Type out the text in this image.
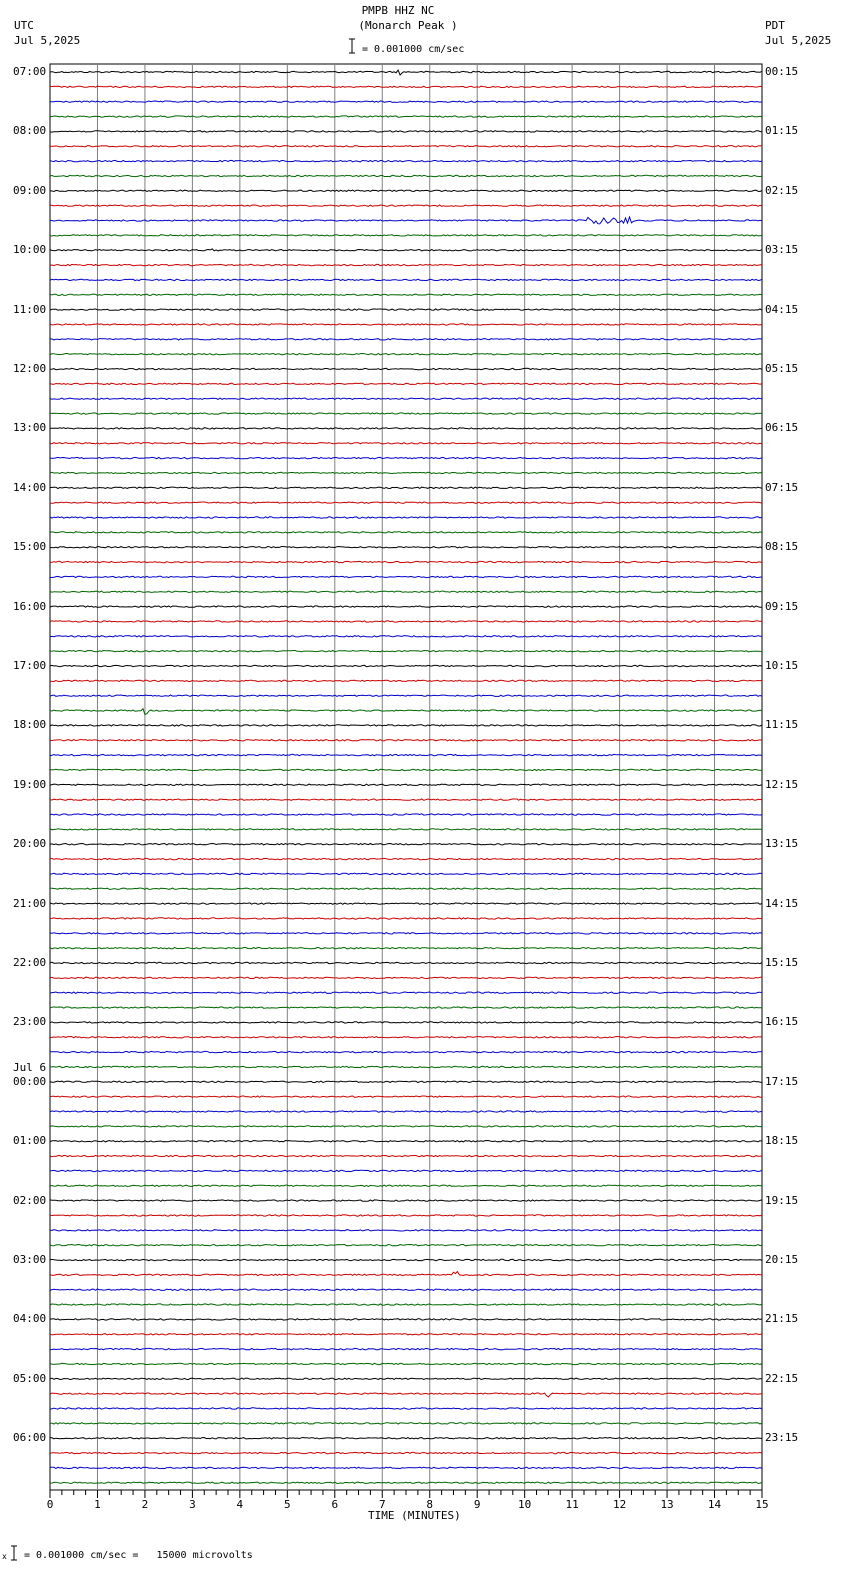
PMPB HHZ NC
(Monarch Peak )
= 0.001000 cm/sec
UTC
Jul 5,2025
PDT
Jul 5,2025
07:00
08:00
09:00
10:00
11:00
12:00
13:00
14:00
15:00
16:00
17:00
18:00
19:00
20:00
21:00
22:00
23:00
00:00
Jul 6
01:00
02:00
03:00
04:00
05:00
06:00
00:15
01:15
02:15
03:15
04:15
05:15
06:15
07:15
08:15
09:15
10:15
11:15
12:15
13:15
14:15
15:15
16:15
17:15
18:15
19:15
20:15
21:15
22:15
23:15
0	1	2	3	4	5	6	7	8	9	10	11	12	13	14	15
TIME (MINUTES)
x = 0.001000 cm/sec =   15000 microvolts
